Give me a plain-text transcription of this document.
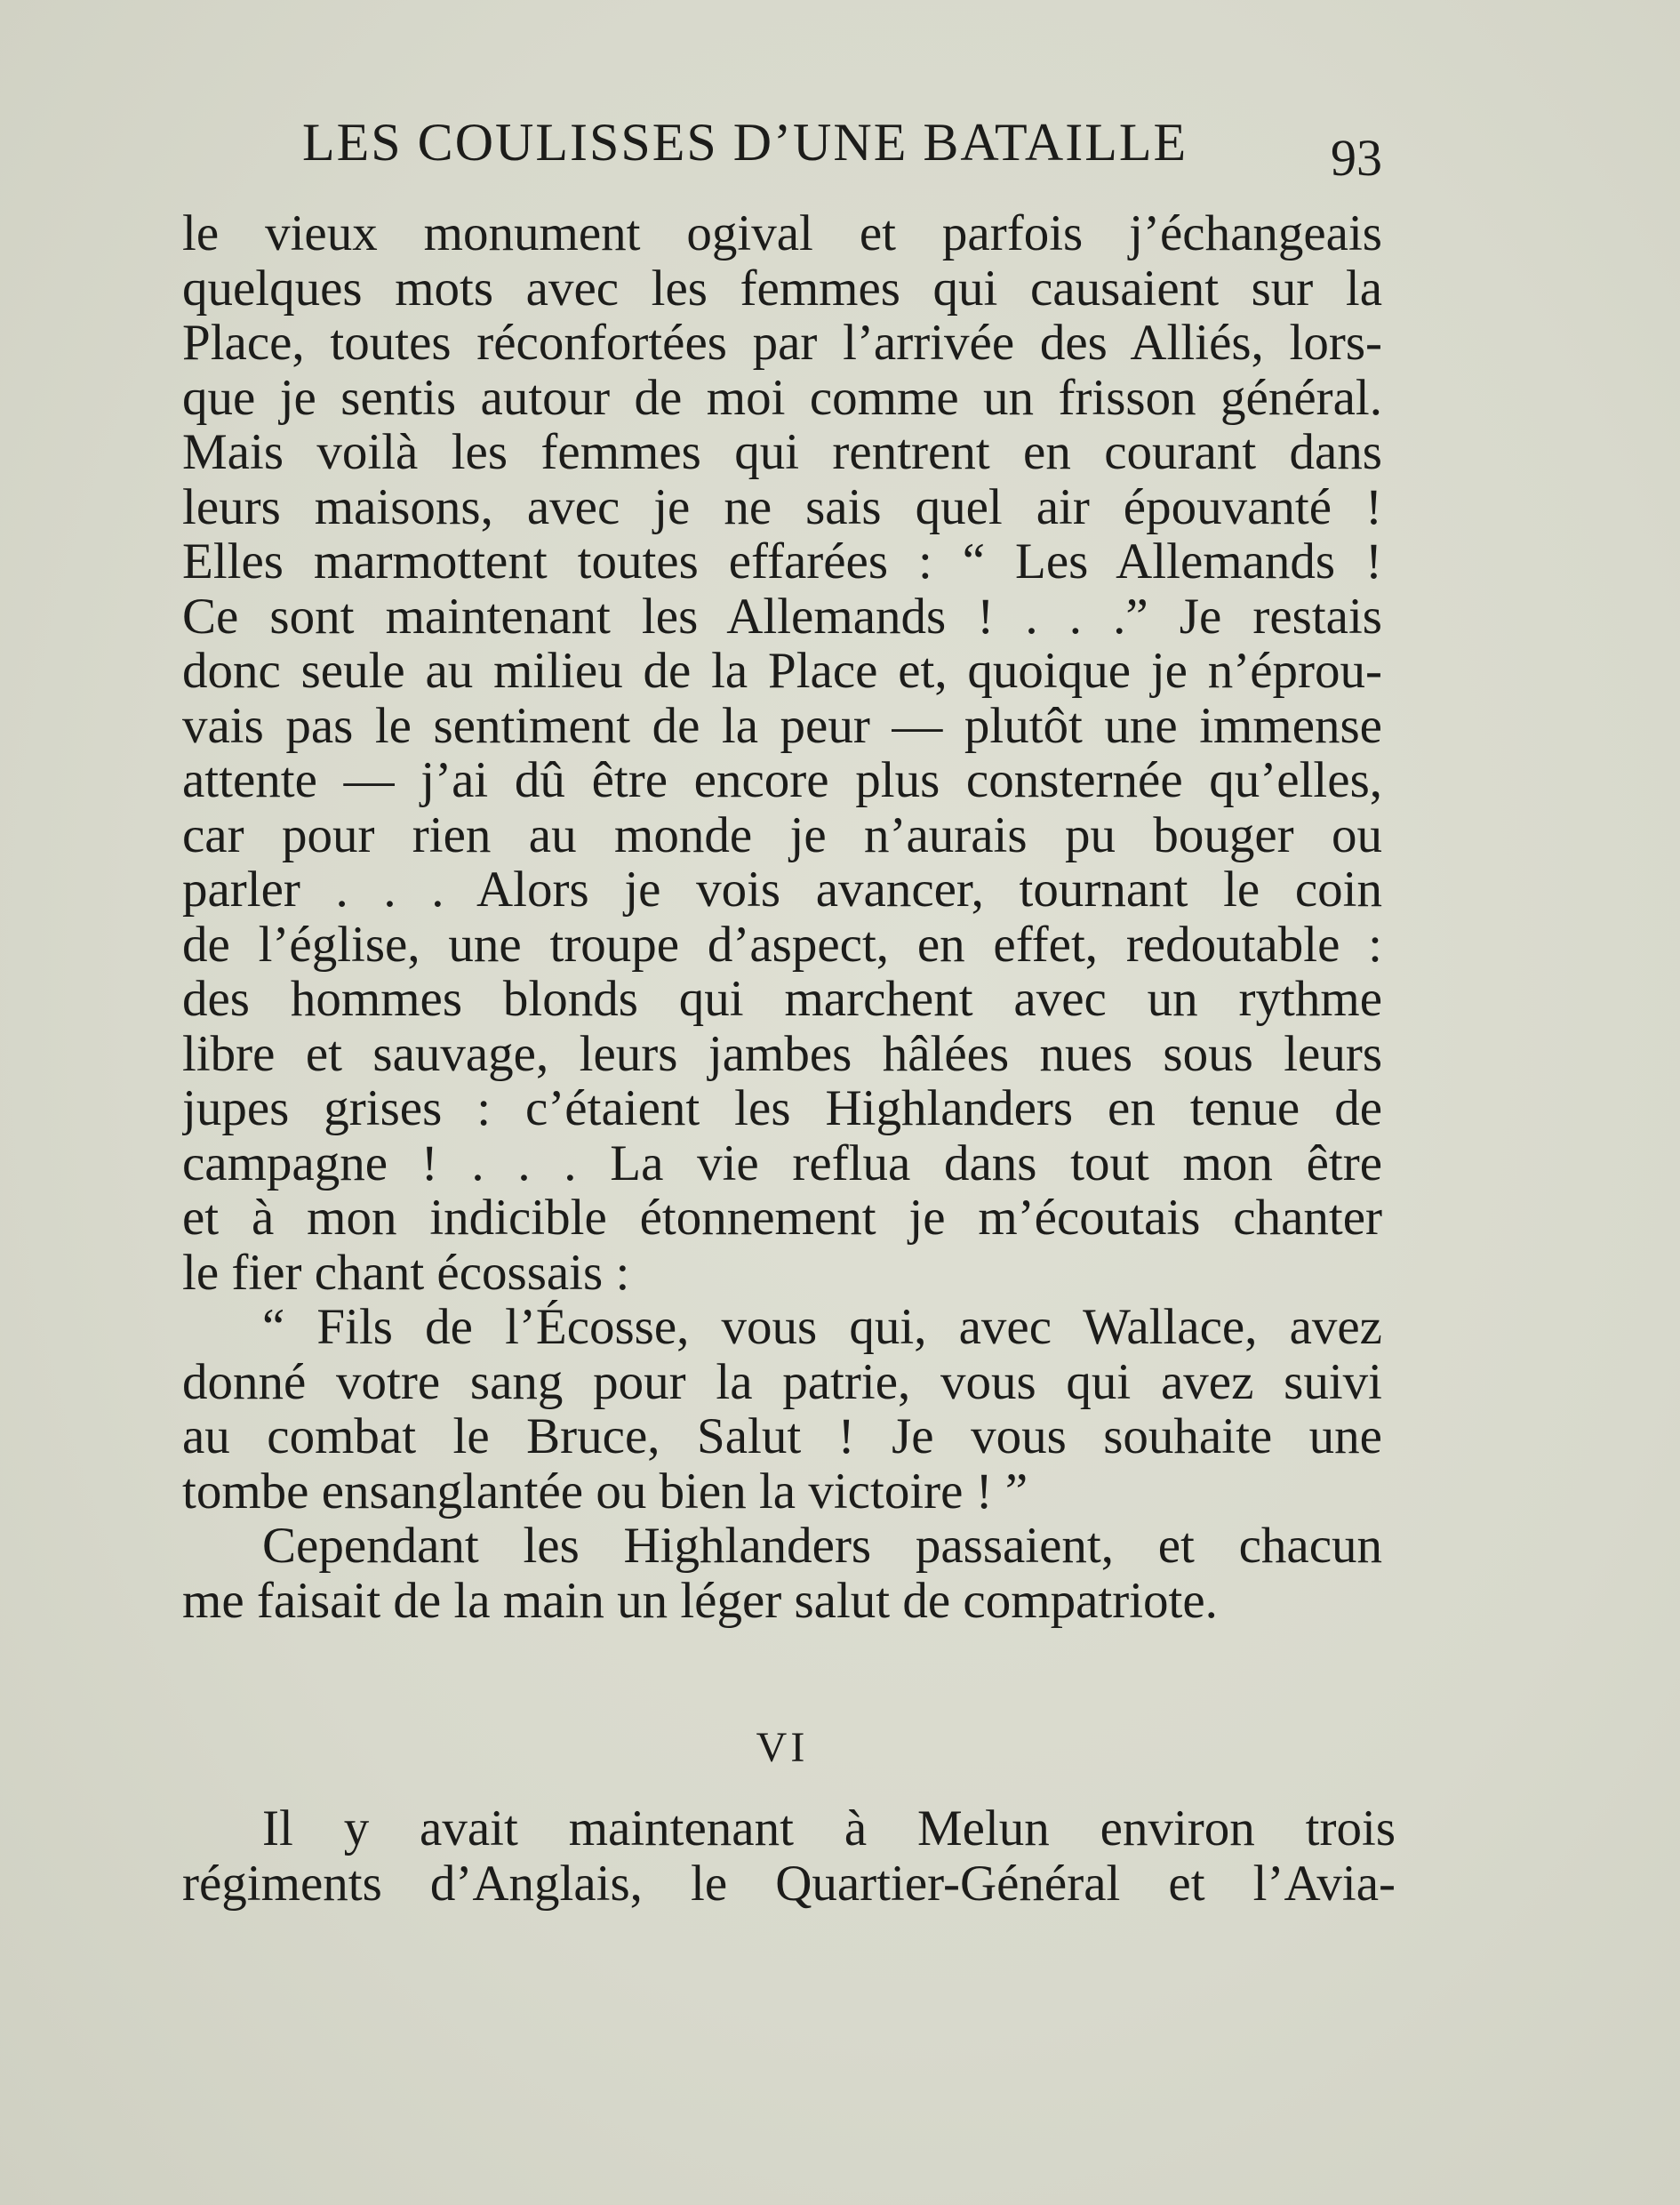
LES COULISSES D’UNE BATAILLE	93
le vieux monument ogival et parfois j’échangeais
quelques mots avec les femmes qui causaient sur la
Place, toutes réconfortées par l’arrivée des Alliés, lors-
que je sentis autour de moi comme un frisson général.
Mais voilà les femmes qui rentrent en courant dans
leurs maisons, avec je ne sais quel air épouvanté !
Elles marmottent toutes effarées : “ Les Allemands !
Ce sont maintenant les Allemands ! . . .” Je restais
donc seule au milieu de la Place et, quoique je n’éprou-
vais pas le sentiment de la peur — plutôt une immense
attente — j’ai dû être encore plus consternée qu’elles,
car pour rien au monde je n’aurais pu bouger ou
parler . . . Alors je vois avancer, tournant le coin
de l’église, une troupe d’aspect, en effet, redoutable :
des hommes blonds qui marchent avec un rythme
libre et sauvage, leurs jambes hâlées nues sous leurs
jupes grises : c’étaient les Highlanders en tenue de
campagne ! . . . La vie reflua dans tout mon être
et à mon indicible étonnement je m’écoutais chanter
le fier chant écossais :
“ Fils de l’Écosse, vous qui, avec Wallace, avez
donné votre sang pour la patrie, vous qui avez suivi
au combat le Bruce, Salut ! Je vous souhaite une
tombe ensanglantée ou bien la victoire ! ”
Cependant les Highlanders passaient, et chacun
me faisait de la main un léger salut de compatriote.
VI
Il y avait maintenant à Melun environ trois
régiments d’Anglais, le Quartier-Général et l’Avia-
